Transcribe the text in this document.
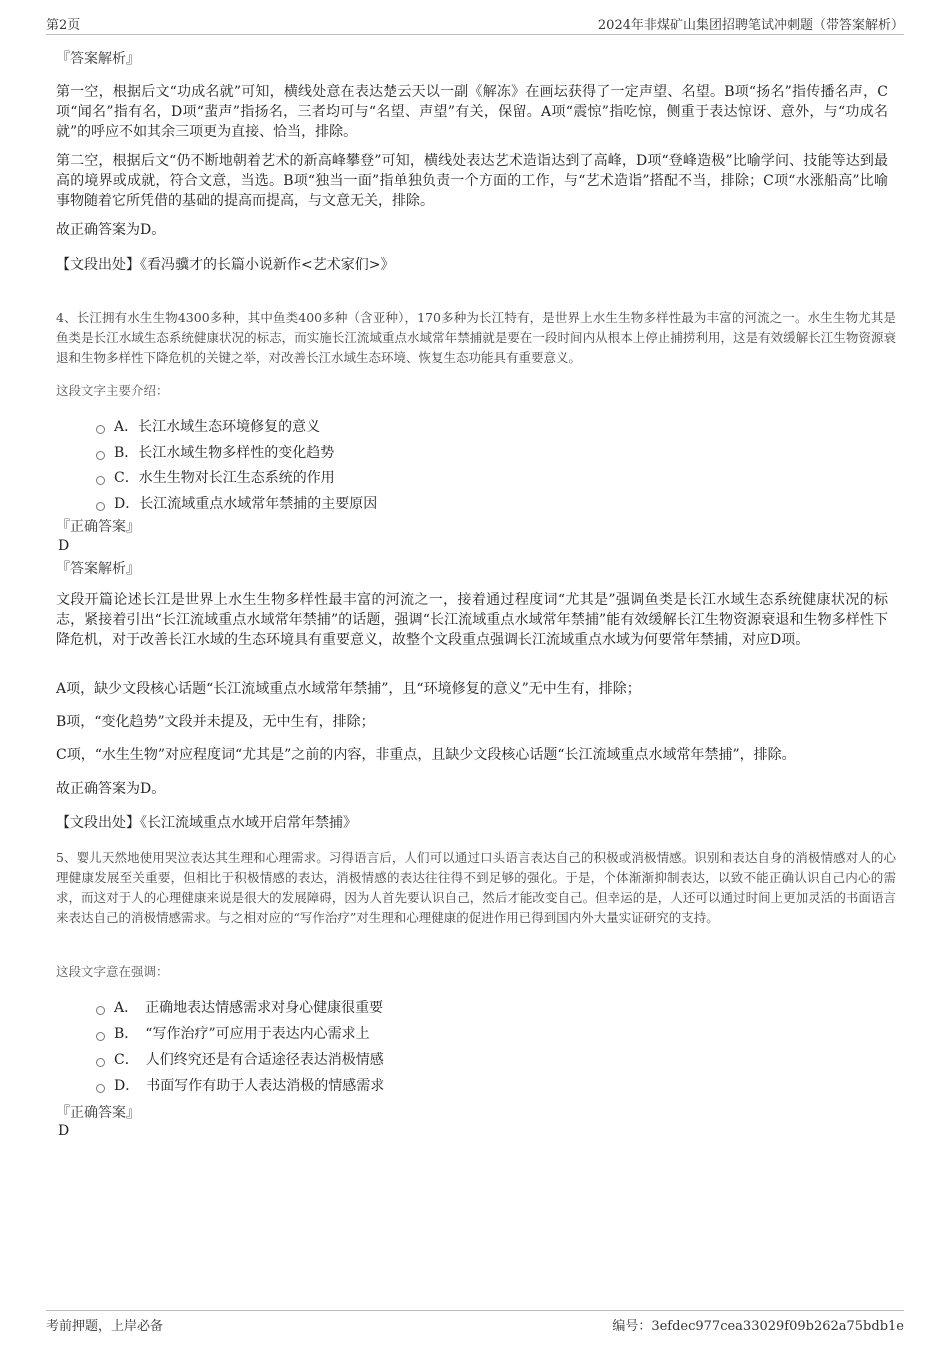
第2页	2024年非煤矿山集团招聘笔试冲刺题（带答案解析）
『答案解析』
第一空，根据后文“功成名就”可知，横线处意在表达楚云天以一副《解冻》在画坛获得了一定声望、名望。B项“扬名”指传播名声，C项“闻名”指有名，D项“蜚声”指扬名，三者均可与“名望、声望”有关，保留。A项“震惊”指吃惊，侧重于表达惊讶、意外，与“功成名就”的呼应不如其余三项更为直接、恰当，排除。
第二空，根据后文“仍不断地朝着艺术的新高峰攀登”可知，横线处表达艺术造诣达到了高峰，D项“登峰造极”比喻学问、技能等达到最高的境界或成就，符合文意，当选。B项“独当一面”指单独负责一个方面的工作，与“艺术造诣”搭配不当，排除；C项“水涨船高”比喻事物随着它所凭借的基础的提高而提高，与文意无关，排除。
故正确答案为D。
【文段出处】《看冯骥才的长篇小说新作<艺术家们>》
4、长江拥有水生生物4300多种，其中鱼类400多种（含亚种），170多种为长江特有，是世界上水生生物多样性最为丰富的河流之一。水生生物尤其是鱼类是长江水域生态系统健康状况的标志，而实施长江流域重点水域常年禁捕就是要在一段时间内从根本上停止捕捞利用，这是有效缓解长江生物资源衰退和生物多样性下降危机的关键之举，对改善长江水域生态环境、恢复生态功能具有重要意义。
这段文字主要介绍：
A．长江水域生态环境修复的意义
B．长江水域生物多样性的变化趋势
C．水生生物对长江生态系统的作用
D．长江流域重点水域常年禁捕的主要原因
『正确答案』
D
『答案解析』
文段开篇论述长江是世界上水生生物多样性最丰富的河流之一，接着通过程度词“尤其是”强调鱼类是长江水域生态系统健康状况的标志，紧接着引出“长江流域重点水域常年禁捕”的话题，强调“长江流域重点水域常年禁捕”能有效缓解长江生物资源衰退和生物多样性下降危机，对于改善长江水域的生态环境具有重要意义，故整个文段重点强调长江流域重点水域为何要常年禁捕，对应D项。
A项，缺少文段核心话题“长江流域重点水域常年禁捕”，且“环境修复的意义”无中生有，排除；
B项，“变化趋势”文段并未提及，无中生有，排除；
C项，“水生生物”对应程度词“尤其是”之前的内容，非重点，且缺少文段核心话题“长江流域重点水域常年禁捕”，排除。
故正确答案为D。
【文段出处】《长江流域重点水域开启常年禁捕》
5、婴儿天然地使用哭泣表达其生理和心理需求。习得语言后，人们可以通过口头语言表达自己的积极或消极情感。识别和表达自身的消极情感对人的心理健康发展至关重要，但相比于积极情感的表达，消极情感的表达往往得不到足够的强化。于是，个体渐渐抑制表达，以致不能正确认识自己内心的需求，而这对于人的心理健康来说是很大的发展障碍，因为人首先要认识自己，然后才能改变自己。但幸运的是，人还可以通过时间上更加灵活的书面语言来表达自己的消极情感需求。与之相对应的“写作治疗”对生理和心理健康的促进作用已得到国内外大量实证研究的支持。
这段文字意在强调：
A．　正确地表达情感需求对身心健康很重要
B．　“写作治疗”可应用于表达内心需求上
C．　人们终究还是有合适途径表达消极情感
D．　书面写作有助于人表达消极的情感需求
『正确答案』
D
考前押题，上岸必备	编号：3efdec977cea33029f09b262a75bdb1e
